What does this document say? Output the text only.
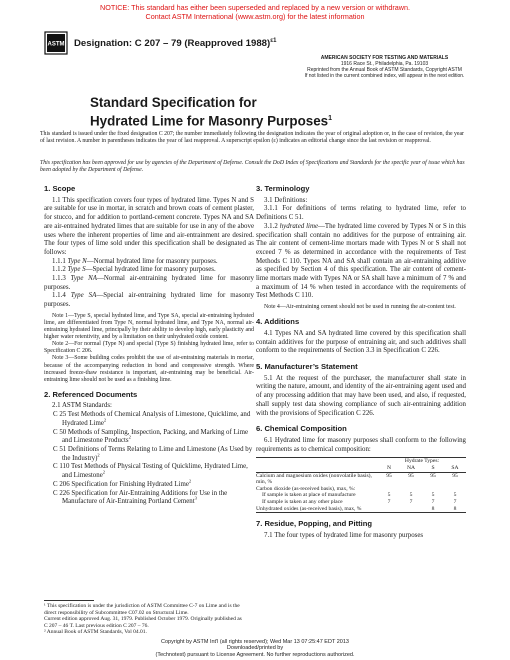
NOTICE: This standard has either been superseded and replaced by a new version or withdrawn.
Contact ASTM International (www.astm.org) for the latest information
ASTM Designation: C 207 – 79 (Reapproved 1988)$^{\varepsilon 1}$
AMERICAN SOCIETY FOR TESTING AND MATERIALS
1916 Race St., Philadelphia, Pa. 19103
Reprinted from the Annual Book of ASTM Standards, Copyright ASTM
If not listed in the current combined index, will appear in the next edition.
Standard Specification for
Hydrated Lime for Masonry Purposes$^1$
This standard is issued under the fixed designation C 207; the number immediately following the designation indicates the year of original adoption or, in the case of revision, the year of last revision. A number in parentheses indicates the year of last reapproval. A superscript epsilon (ε) indicates an editorial change since the last revision or reapproval.
This specification has been approved for use by agencies of the Department of Defense. Consult the DoD Index of Specifications and Standards for the specific year of issue which has been adopted by the Department of Defense.
1. Scope

1.1 This specification covers four types of hydrated lime. Types N and S are suitable for use in mortar, in scratch and brown coats of cement plaster, for stucco, and for addition to portland-cement concrete. Types NA and SA are air-entrained hydrated limes that are suitable for use in any of the above uses where the inherent properties of lime and air-entrainment are desired. The four types of lime sold under this specification shall be designated as follows:

1.1.1 Type N—Normal hydrated lime for masonry purposes.

1.1.2 Type S—Special hydrated lime for masonry purposes.

1.1.3 Type NA—Normal air-entraining hydrated lime for masonry purposes.

1.1.4 Type SA—Special air-entraining hydrated lime for masonry purposes.

Note 1—Type S, special hydrated lime, and Type SA, special air-entraining hydrated lime, are differentiated from Type N, normal hydrated lime, and Type NA, normal air-entraining hydrated lime, principally by their ability to develop high, early plasticity and higher water retentivity, and by a limitation on their unhydrated oxide content.

Note 2—For normal (Type N) and special (Type S) finishing hydrated lime, refer to Specification C 206.

Note 3—Some building codes prohibit the use of air-entraining materials in mortar, because of the accompanying reduction in bond and compressive strength. Where increased freeze-thaw resistance is important, air-entraining may be beneficial. Air-entraining lime should not be used as a finishing lime.

2. Referenced Documents

2.1 ASTM Standards:

C 25 Test Methods of Chemical Analysis of Limestone, Quicklime, and Hydrated Lime$^2$

C 50 Methods of Sampling, Inspection, Packing, and Marking of Lime and Limestone Products$^2$

C 51 Definitions of Terms Relating to Lime and Limestone (As Used by the Industry)$^2$

C 110 Test Methods of Physical Testing of Quicklime, Hydrated Lime, and Limestone$^2$

C 206 Specification for Finishing Hydrated Lime$^2$

C 226 Specification for Air-Entraining Additions for Use in the Manufacture of Air-Entraining Portland Cement$^3$

3. Terminology

3.1 Definitions:

3.1.1 For definitions of terms relating to hydrated lime, refer to Definitions C 51.

3.1.2 hydrated lime—The hydrated lime covered by Types N or S in this specification shall contain no additives for the purpose of entraining air. The air content of cement-lime mortars made with Types N or S shall not exceed 7 % as determined in accordance with the requirements of Test Methods C 110. Types NA and SA shall contain an air-entraining additive as specified by Section 4 of this specification. The air content of cement-lime mortars made with Types NA or SA shall have a minimum of 7 % and a maximum of 14 % when tested in accordance with the requirements of Test Methods C 110.

Note 4—Air-entraining cement should not be used in running the air-content test.

4. Additions

4.1 Types NA and SA hydrated lime covered by this specification shall contain additives for the purpose of entraining air, and such additives shall conform to the requirements of Section 3.3 in Specification C 226.

5. Manufacturer’s Statement

5.1 At the request of the purchaser, the manufacturer shall state in writing the nature, amount, and identity of the air-entraining agent used and of any processing addition that may have been used, and also, if requested, shall supply test data showing compliance of such air-entraining addition with the provisions of Specification C 226.

6. Chemical Composition

6.1 Hydrated lime for masonry purposes shall conform to the following requirements as to chemical composition:

	Hydrate Types:			
	N	NA	S	SA
Calcium and magnesium oxides (nonvolatile basis), min, %	95	95	95	95
Carbon dioxide (as-received basis), max, %:				
If sample is taken at place of manufacture	5	5	5	5
If sample is taken at any other place	7	7	7	7
Unhydrated oxides (as-received basis), max, %			8	8
7. Residue, Popping, and Pitting

7.1 The four types of hydrated lime for masonry purposes

¹ This specification is under the jurisdiction of ASTM Committee C-7 on Lime and is the direct responsibility of Subcommittee C07.02 on Structural Lime.

Current edition approved Aug. 31, 1979. Published October 1979. Originally published as C 207 – 46 T. Last previous edition C 207 – 76.

² Annual Book of ASTM Standards, Vol 04.01.

Copyright by ASTM Int'l (all rights reserved); Wed Mar 13 07:25:47 EDT 2013
Downloaded/printed by
(Technotest) pursuant to License Agreement. No further reproductions authorized.
